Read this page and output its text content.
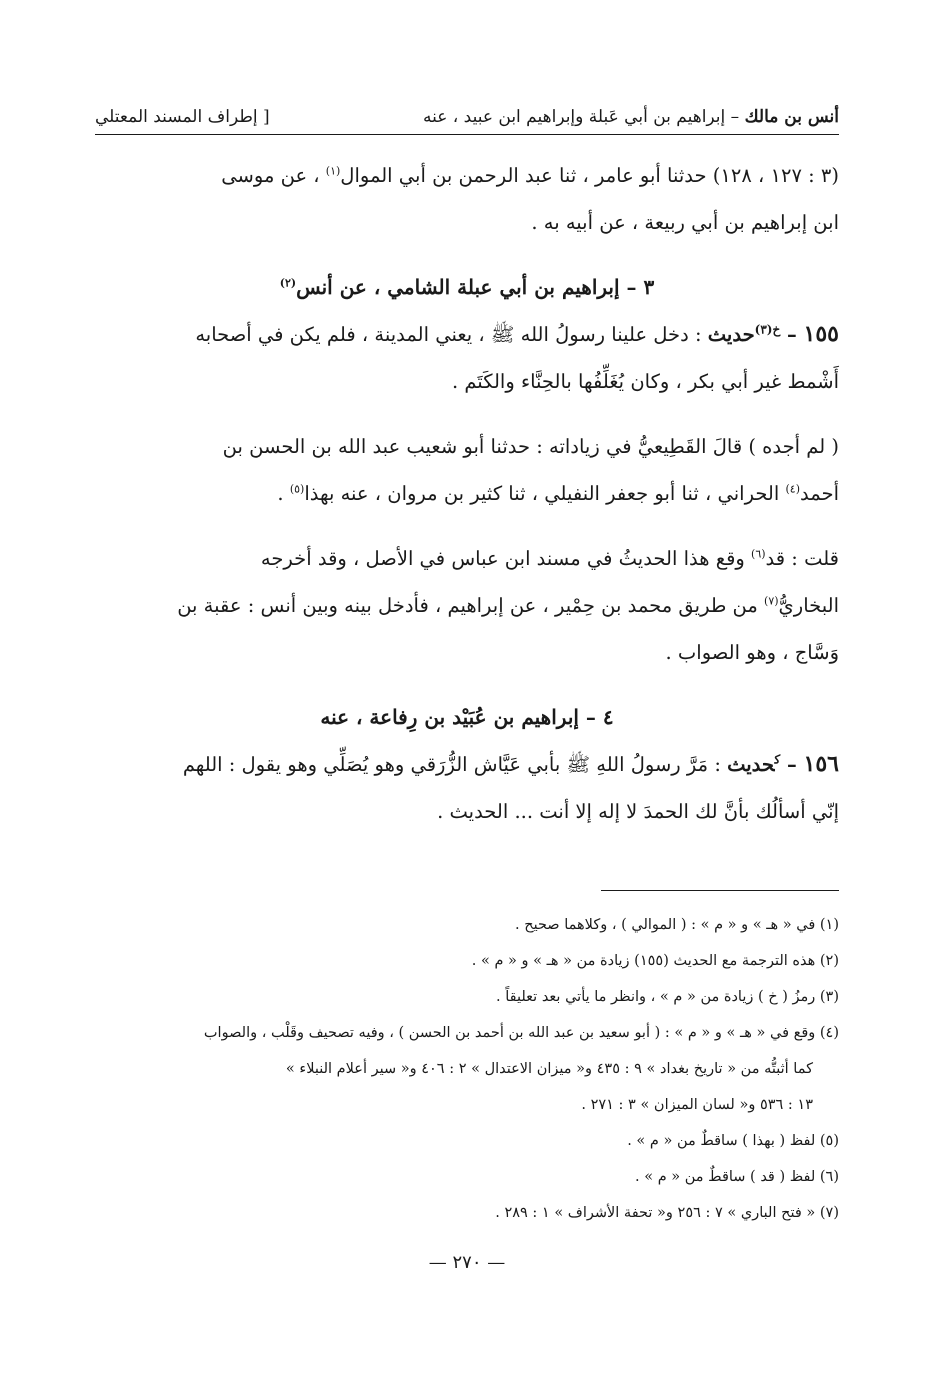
أنس بن مالك – إبراهيم بن أبي عَبلة وإبراهيم ابن عبيد ، عنه
[ إطراف المسند المعتلي

(٣ : ١٢٧ ، ١٢٨) حدثنا أبو عامر ، ثنا عبد الرحمن بن أبي الموال$^{(١)}$ ، عن موسى
ابن إبراهيم بن أبي ربيعة ، عن أبيه به .

٣ – إبراهيم بن أبي عبلة الشامي ، عن أنس$^{(٢)}$

١٥٥ – $^{خ(٣)}$حديث : دخل علينا رسولُ الله ﷺ ، يعني المدينة ، فلم يكن في أصحابه
أَشْمط غير أبي بكر ، وكان يُغَلِّفُها بالحِنَّاء والكَتَم .

( لم أجده ) قالَ القَطِيعيُّ في زياداته : حدثنا أبو شعيب عبد الله بن الحسن بن
أحمد$^{(٤)}$ الحراني ، ثنا أبو جعفر النفيلي ، ثنا كثير بن مروان ، عنه بهذا$^{(٥)}$ .

قلت : قد$^{(٦)}$ وقع هذا الحديثُ في مسند ابن عباس في الأصل ، وقد أخرجه
البخاريُّ$^{(٧)}$ من طريق محمد بن حِمْير ، عن إبراهيم ، فأدخل بينه وبين أنس : عقبة بن
وَسَّاج ، وهو الصواب .

٤ – إبراهيم بن عُبَيْد بن رِفاعة ، عنه

١٥٦ – $^ك$حديث : مَرَّ رسولُ اللهِ ﷺ بأبي عَيَّاش الزُّرَقي وهو يُصَلِّي وهو يقول : اللهم
إنّي أسألُك بأنَّ لك الحمدَ لا إله إلا أنت ... الحديث .

(١) في « هـ » و « م » : ( الموالي ) ، وكلاهما صحيح .

(٢) هذه الترجمة مع الحديث (١٥٥) زيادة من « هـ » و « م » .

(٣) رمزُ ( خ ) زيادة من « م » ، وانظر ما يأتي بعد تعليقاً .

(٤) وقع في « هـ » و « م » : ( أبو سعيد بن عبد الله بن أحمد بن الحسن ) ، وفيه تصحيف وقَلْب ، والصواب

كما أثبتُّه من « تاريخ بغداد » ٩ : ٤٣٥ و« ميزان الاعتدال » ٢ : ٤٠٦ و« سير أعلام النبلاء »

١٣ : ٥٣٦ و« لسان الميزان » ٣ : ٢٧١ .

(٥) لفظ ( بهذا ) ساقطٌ من « م » .

(٦) لفظ ( قد ) ساقطٌ من « م » .

(٧) « فتح الباري » ٧ : ٢٥٦ و« تحفة الأشراف » ١ : ٢٨٩ .

— ٢٧٠ —
